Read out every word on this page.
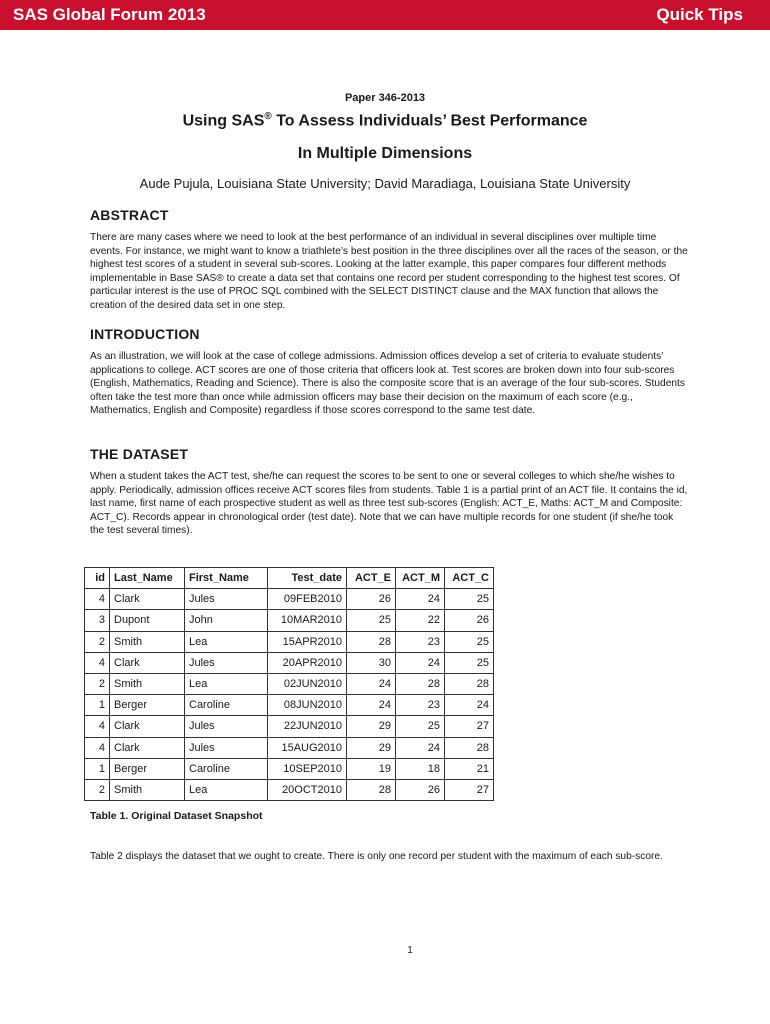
SAS Global Forum 2013	Quick Tips
Paper 346-2013
Using SAS® To Assess Individuals’ Best Performance
In Multiple Dimensions
Aude Pujula, Louisiana State University; David Maradiaga, Louisiana State University
ABSTRACT

There are many cases where we need to look at the best performance of an individual in several disciplines over multiple time events. For instance, we might want to know a triathlete’s best position in the three disciplines over all the races of the season, or the highest test scores of a student in several sub-scores. Looking at the latter example, this paper compares four different methods implementable in Base SAS® to create a data set that contains one record per student corresponding to the highest test scores. Of particular interest is the use of PROC SQL combined with the SELECT DISTINCT clause and the MAX function that allows the creation of the desired data set in one step.

INTRODUCTION

As an illustration, we will look at the case of college admissions. Admission offices develop a set of criteria to evaluate students’ applications to college. ACT scores are one of those criteria that officers look at. Test scores are broken down into four sub-scores (English, Mathematics, Reading and Science). There is also the composite score that is an average of the four sub-scores. Students often take the test more than once while admission officers may base their decision on the maximum of each score (e.g., Mathematics, English and Composite) regardless if those scores correspond to the same test date.

THE DATASET

When a student takes the ACT test, she/he can request the scores to be sent to one or several colleges to which she/he wishes to apply. Periodically, admission offices receive ACT scores files from students. Table 1 is a partial print of an ACT file. It contains the id, last name, first name of each prospective student as well as three test sub-scores (English: ACT_E, Maths: ACT_M and Composite: ACT_C). Records appear in chronological order (test date). Note that we can have multiple records for one student (if she/he took the test several times).

id	Last_Name	First_Name	Test_date	ACT_E	ACT_M	ACT_C
4	Clark	Jules	09FEB2010	26	24	25
3	Dupont	John	10MAR2010	25	22	26
2	Smith	Lea	15APR2010	28	23	25
4	Clark	Jules	20APR2010	30	24	25
2	Smith	Lea	02JUN2010	24	28	28
1	Berger	Caroline	08JUN2010	24	23	24
4	Clark	Jules	22JUN2010	29	25	27
4	Clark	Jules	15AUG2010	29	24	28
1	Berger	Caroline	10SEP2010	19	18	21
2	Smith	Lea	20OCT2010	28	26	27
Table 1. Original Dataset Snapshot

Table 2 displays the dataset that we ought to create. There is only one record per student with the maximum of each sub-score.

1
